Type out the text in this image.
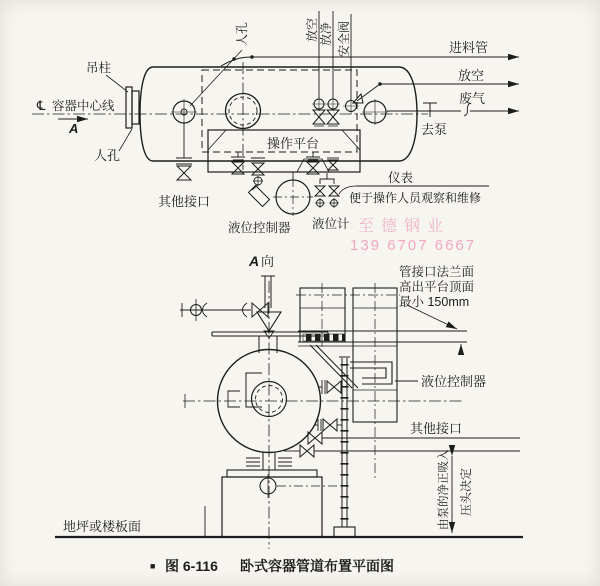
放空 放净 安全阀
人孔
进料管
放空
废气
去泵
吊柱
℄ 容器中心线
A
人孔
其他接口
操作平台
液位控制器 液位计
仪表
便于操作人员观察和维修
至德钢业
139 6707 6667
A 向
管接口法兰面
高出平台顶面
最小 150mm
液位控制器
其他接口
由泵的净正吸入 压头决定
地坪或楼板面
■ 图 6-116 卧式容器管道布置平面图
